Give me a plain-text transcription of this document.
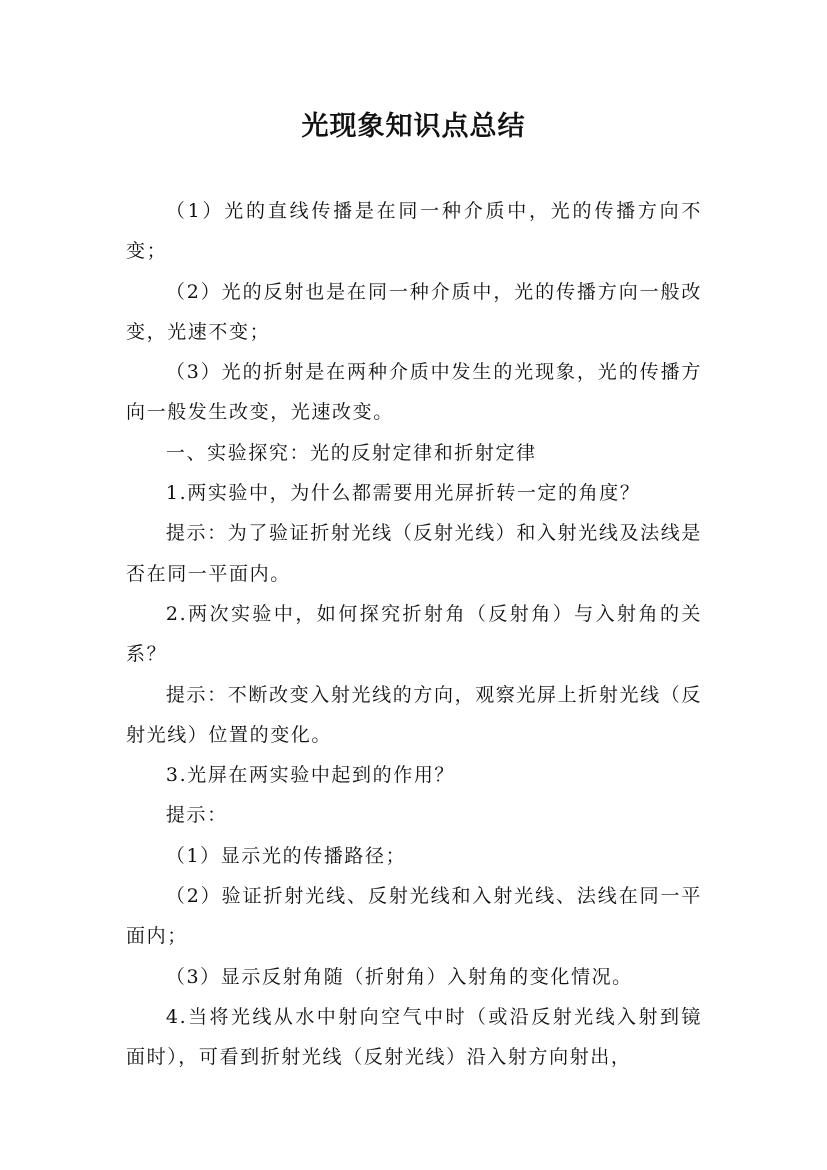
光现象知识点总结

（1）光的直线传播是在同一种介质中，光的传播方向不变；

（2）光的反射也是在同一种介质中，光的传播方向一般改变，光速不变；

（3）光的折射是在两种介质中发生的光现象，光的传播方向一般发生改变，光速改变。

一、实验探究：光的反射定律和折射定律

1.两实验中，为什么都需要用光屏折转一定的角度？

提示：为了验证折射光线（反射光线）和入射光线及法线是否在同一平面内。

2.两次实验中，如何探究折射角（反射角）与入射角的关系？

提示：不断改变入射光线的方向，观察光屏上折射光线（反射光线）位置的变化。

3.光屏在两实验中起到的作用？

提示：

（1）显示光的传播路径；

（2）验证折射光线、反射光线和入射光线、法线在同一平面内；

（3）显示反射角随（折射角）入射角的变化情况。

4.当将光线从水中射向空气中时（或沿反射光线入射到镜面时），可看到折射光线（反射光线）沿入射方向射出，
